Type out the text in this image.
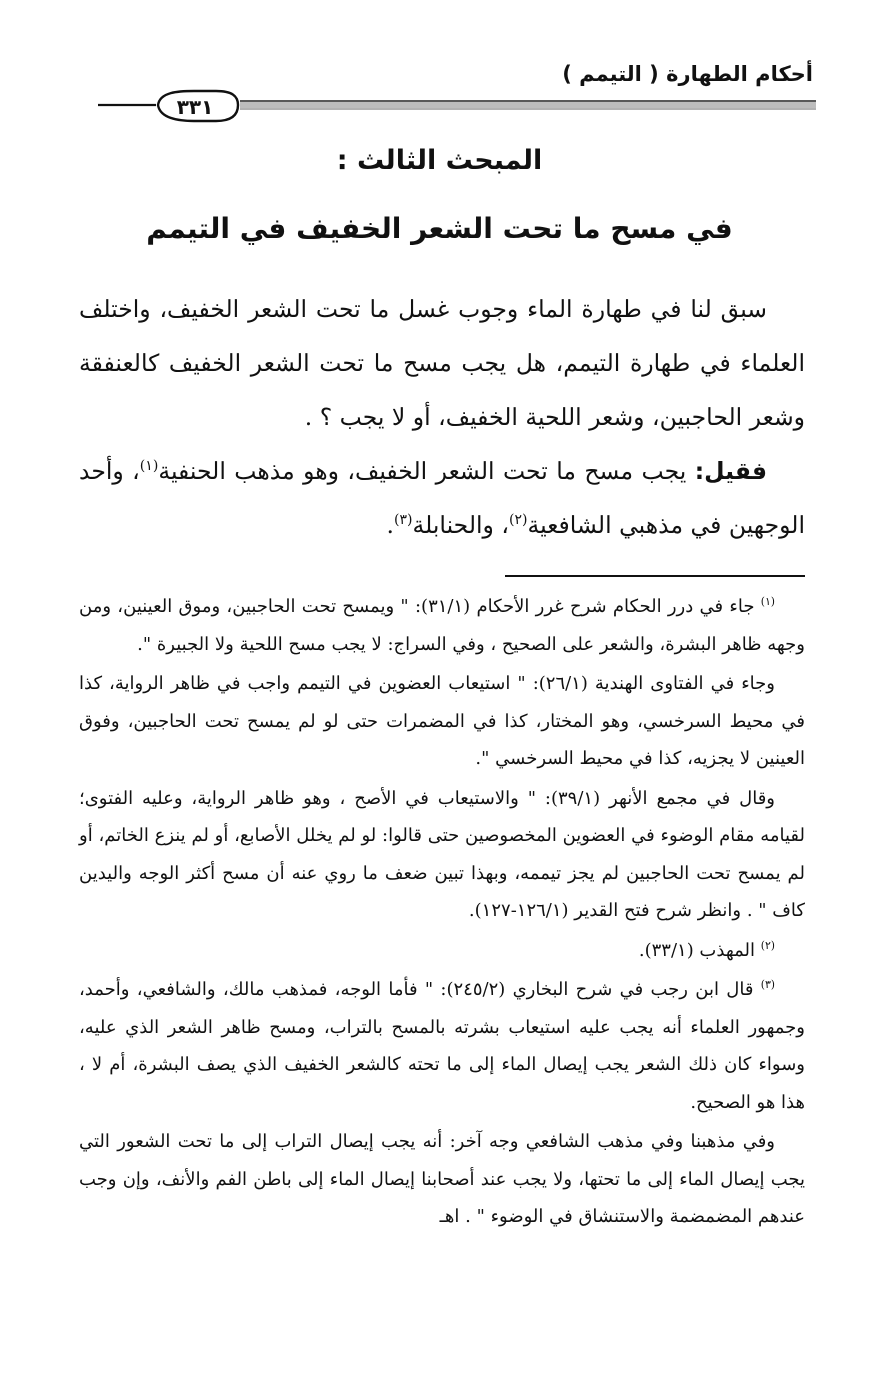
أحكام الطهارة ( التيمم )
٣٣١
المبحث الثالث :
في مسح ما تحت الشعر الخفيف في التيمم

سبق لنا في طهارة الماء وجوب غسل ما تحت الشعر الخفيف، واختلف العلماء في طهارة التيمم، هل يجب مسح ما تحت الشعر الخفيف كالعنفقة وشعر الحاجبين، وشعر اللحية الخفيف، أو لا يجب ؟ .

فقيل: يجب مسح ما تحت الشعر الخفيف، وهو مذهب الحنفية$^{(١)}$، وأحد الوجهين في مذهبي الشافعية$^{(٢)}$، والحنابلة$^{(٣)}$.

$^{(١)}$ جاء في درر الحكام شرح غرر الأحكام (٣١/١): " ويمسح تحت الحاجبين، وموق العينين، ومن وجهه ظاهر البشرة، والشعر على الصحيح ، وفي السراج: لا يجب مسح اللحية ولا الجبيرة ".

وجاء في الفتاوى الهندية (٢٦/١): " استيعاب العضوين في التيمم واجب في ظاهر الرواية، كذا في محيط السرخسي، وهو المختار، كذا في المضمرات حتى لو لم يمسح تحت الحاجبين، وفوق العينين لا يجزيه، كذا في محيط السرخسي ".

وقال في مجمع الأنهر (٣٩/١): " والاستيعاب في الأصح ، وهو ظاهر الرواية، وعليه الفتوى؛ لقيامه مقام الوضوء في العضوين المخصوصين حتى قالوا: لو لم يخلل الأصابع، أو لم ينزع الخاتم، أو لم يمسح تحت الحاجبين لم يجز تيممه، وبهذا تبين ضعف ما روي عنه أن مسح أكثر الوجه واليدين كاف " . وانظر شرح فتح القدير (١٢٦/١-١٢٧).

$^{(٢)}$ المهذب (٣٣/١).

$^{(٣)}$ قال ابن رجب في شرح البخاري (٢٤٥/٢): " فأما الوجه، فمذهب مالك، والشافعي، وأحمد، وجمهور العلماء أنه يجب عليه استيعاب بشرته بالمسح بالتراب، ومسح ظاهر الشعر الذي عليه، وسواء كان ذلك الشعر يجب إيصال الماء إلى ما تحته كالشعر الخفيف الذي يصف البشرة، أم لا ، هذا هو الصحيح.

وفي مذهبنا وفي مذهب الشافعي وجه آخر: أنه يجب إيصال التراب إلى ما تحت الشعور التي يجب إيصال الماء إلى ما تحتها، ولا يجب عند أصحابنا إيصال الماء إلى باطن الفم والأنف، وإن وجب عندهم المضمضمة والاستنشاق في الوضوء " . اهـ
